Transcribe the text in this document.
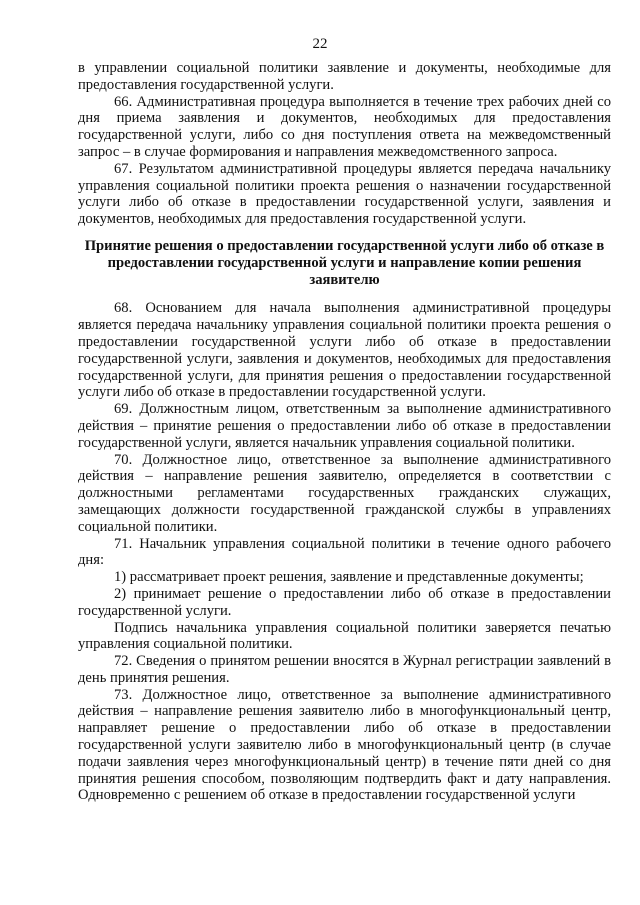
22

в управлении социальной политики заявление и документы, необходимые для предоставления государственной услуги.

66. Административная процедура выполняется в течение трех рабочих дней со дня приема заявления и документов, необходимых для предоставления государственной услуги, либо со дня поступления ответа на межведомственный запрос – в случае формирования и направления межведомственного запроса.

67. Результатом административной процедуры является передача начальнику управления социальной политики проекта решения о назначении государственной услуги либо об отказе в предоставлении государственной услуги, заявления и документов, необходимых для предоставления государственной услуги.

Принятие решения о предоставлении государственной услуги либо об отказе в предоставлении государственной услуги и направление копии решения заявителю

68. Основанием для начала выполнения административной процедуры является передача начальнику управления социальной политики проекта решения о предоставлении государственной услуги либо об отказе в предоставлении государственной услуги, заявления и документов, необходимых для предоставления государственной услуги, для принятия решения о предоставлении государственной услуги либо об отказе в предоставлении государственной услуги.

69. Должностным лицом, ответственным за выполнение административного действия – принятие решения о предоставлении либо об отказе в предоставлении государственной услуги, является начальник управления социальной политики.

70. Должностное лицо, ответственное за выполнение административного действия – направление решения заявителю, определяется в соответствии с должностными регламентами государственных гражданских служащих, замещающих должности государственной гражданской службы в управлениях социальной политики.

71. Начальник управления социальной политики в течение одного рабочего дня:

1) рассматривает проект решения, заявление и представленные документы;

2) принимает решение о предоставлении либо об отказе в предоставлении государственной услуги.

Подпись начальника управления социальной политики заверяется печатью управления социальной политики.

72. Сведения о принятом решении вносятся в Журнал регистрации заявлений в день принятия решения.

73. Должностное лицо, ответственное за выполнение административного действия – направление решения заявителю либо в многофункциональный центр, направляет решение о предоставлении либо об отказе в предоставлении государственной услуги заявителю либо в многофункциональный центр (в случае подачи заявления через многофункциональный центр) в течение пяти дней со дня принятия решения способом, позволяющим подтвердить факт и дату направления. Одновременно с решением об отказе в предоставлении государственной услуги
